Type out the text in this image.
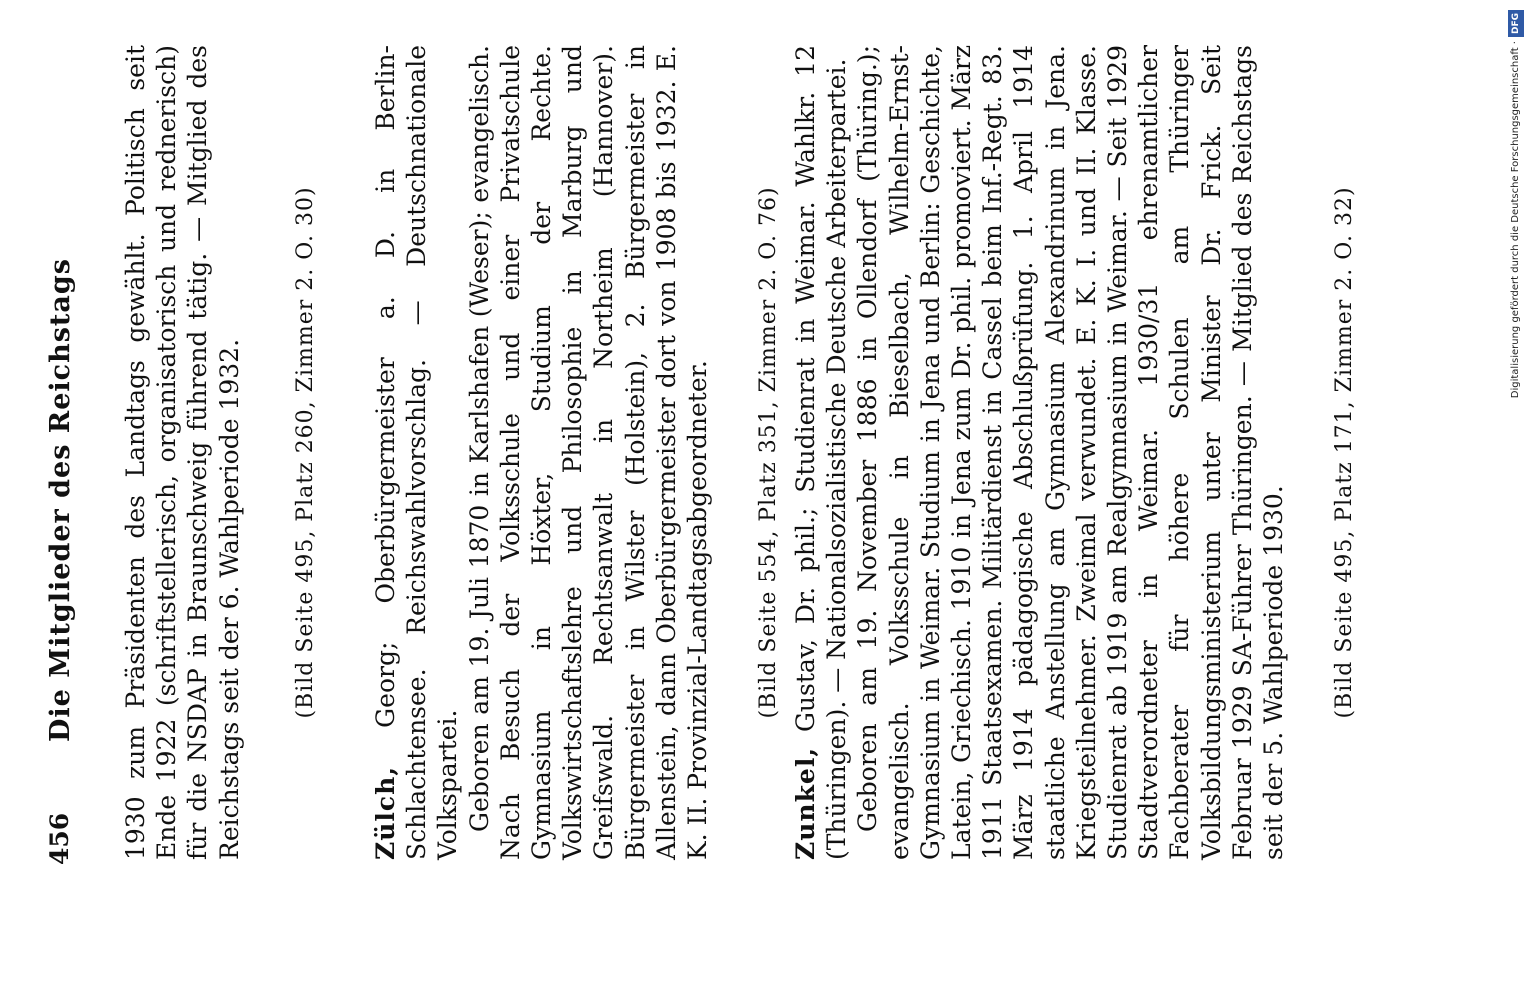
Die Mitglieder des Reichstags
456 1930 zum Präsidenten des Landtags gewählt. Politisch seit Ende 1922 (schriftstellerisch, organisatorisch und rednerisch) für die NSDAP in Braunschweig führend tätig. — Mitglied des Reichstags seit der 6. Wahlperiode 1932. (Bild Seite 495, Platz 260, Zimmer 2. O. 30)

Zülch, Georg; Oberbürgermeister a. D. in Berlin-Schlachtensee. Reichswahlvorschlag. — Deutschnationale Volkspartei. Geboren am 19. Juli 1870 in Karlshafen (Weser); evangelisch. Nach Besuch der Volksschule und einer Privatschule Gymnasium in Höxter, Studium der Rechte. Volkswirtschaftslehre und Philosophie in Marburg und Greifswald. Rechtsanwalt in Northeim (Hannover). Bürgermeister in Wilster (Holstein), 2. Bürgermeister in Allenstein, dann Oberbürgermeister dort von 1908 bis 1932. E. K. II. Provinzial-Landtagsabgeordneter. (Bild Seite 554, Platz 351, Zimmer 2. O. 76)

Zunkel, Gustav, Dr. phil.; Studienrat in Weimar. Wahlkr. 12 (Thüringen). — Nationalsozialistische Deutsche Arbeiterpartei. Geboren am 19. November 1886 in Ollendorf (Thüring.); evangelisch. Volksschule in Bieselbach, Wilhelm-Ernst-Gymnasium in Weimar. Studium in Jena und Berlin: Geschichte, Latein, Griechisch. 1910 in Jena zum Dr. phil. promoviert. März 1911 Staatsexamen. Militärdienst in Cassel beim Inf.-Regt. 83. März 1914 pädagogische Abschlußprüfung. 1. April 1914 staatliche Anstellung am Gymnasium Alexandrinum in Jena. Kriegsteilnehmer. Zweimal verwundet. E. K. I. und II. Klasse. Studienrat ab 1919 am Realgymnasium in Weimar. — Seit 1929 Stadtverordneter in Weimar. 1930/31 ehrenamtlicher Fachberater für höhere Schulen am Thüringer Volksbildungsministerium unter Minister Dr. Frick. Seit Februar 1929 SA-Führer Thüringen. — Mitglied des Reichstags seit der 5. Wahlperiode 1930. (Bild Seite 495, Platz 171, Zimmer 2. O. 32)	Digitalisierung gefördert durch die Deutsche Forschungsgemeinschaft ·DFG
